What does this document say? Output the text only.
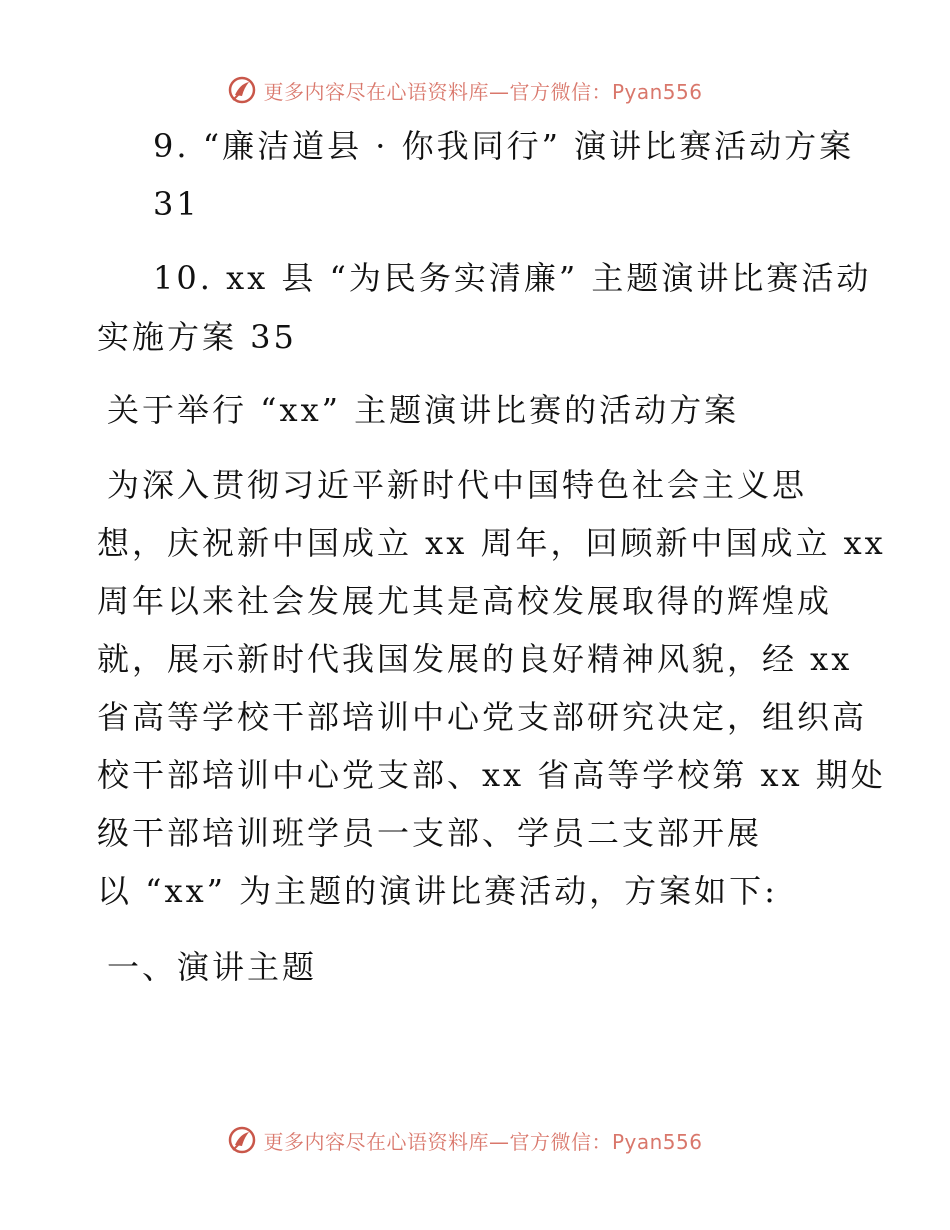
更多内容尽在心语资料库—官方微信：Pyan556
9. “廉洁道县 · 你我同行” 演讲比赛活动方案
31
10. xx 县 “为民务实清廉” 主题演讲比赛活动
实施方案 35
关于举行 “xx” 主题演讲比赛的活动方案
为深入贯彻习近平新时代中国特色社会主义思
想，庆祝新中国成立 xx 周年，回顾新中国成立 xx
周年以来社会发展尤其是高校发展取得的辉煌成
就，展示新时代我国发展的良好精神风貌，经 xx
省高等学校干部培训中心党支部研究决定，组织高
校干部培训中心党支部、xx 省高等学校第 xx 期处
级干部培训班学员一支部、学员二支部开展
以 “xx” 为主题的演讲比赛活动，方案如下:
一、演讲主题
更多内容尽在心语资料库—官方微信：Pyan556
